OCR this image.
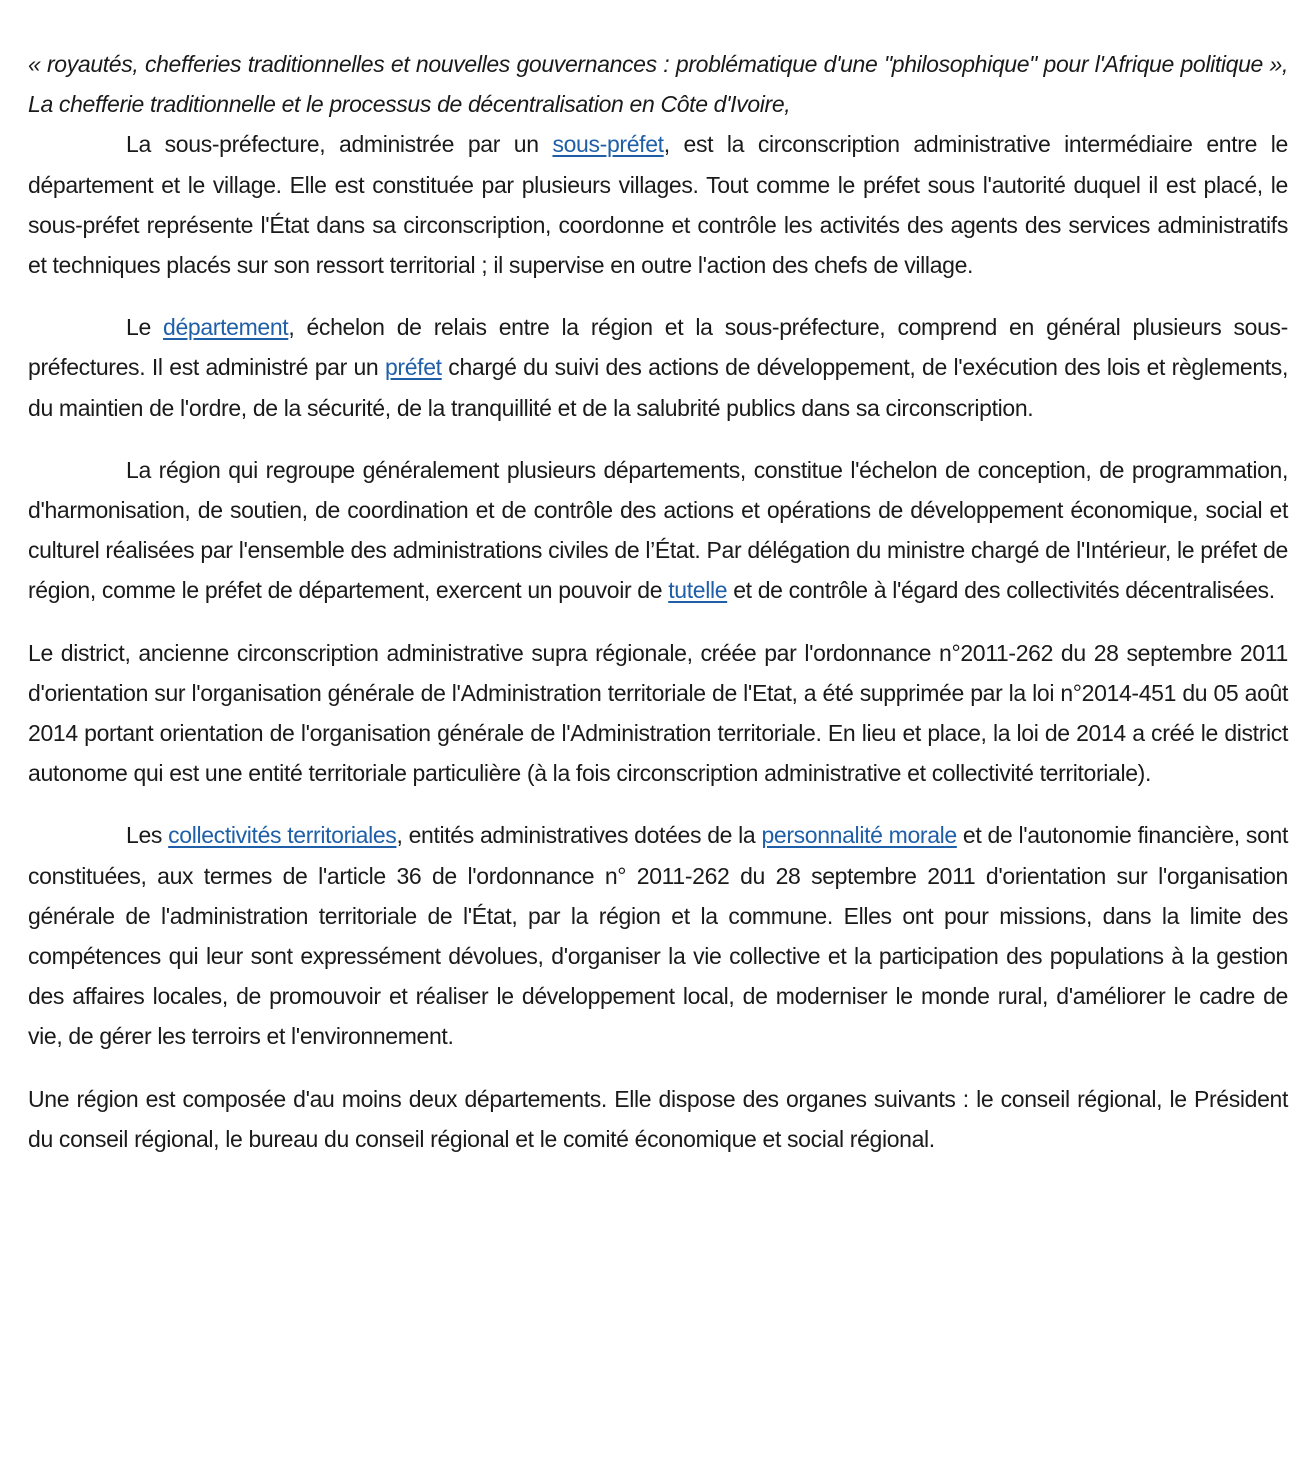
« royautés, chefferies traditionnelles et nouvelles gouvernances : problématique d'une "philosophique" pour l'Afrique politique », La chefferie traditionnelle et le processus de décentralisation en Côte d'Ivoire,

La sous-préfecture, administrée par un sous-préfet, est la circonscription administrative intermédiaire entre le département et le village. Elle est constituée par plusieurs villages. Tout comme le préfet sous l'autorité duquel il est placé, le sous-préfet représente l'État dans sa circonscription, coordonne et contrôle les activités des agents des services administratifs et techniques placés sur son ressort territorial ; il supervise en outre l'action des chefs de village.

Le département, échelon de relais entre la région et la sous-préfecture, comprend en général plusieurs sous-préfectures. Il est administré par un préfet chargé du suivi des actions de développement, de l'exécution des lois et règlements, du maintien de l'ordre, de la sécurité, de la tranquillité et de la salubrité publics dans sa circonscription.

La région qui regroupe généralement plusieurs départements, constitue l'échelon de conception, de programmation, d'harmonisation, de soutien, de coordination et de contrôle des actions et opérations de développement économique, social et culturel réalisées par l'ensemble des administrations civiles de l’État. Par délégation du ministre chargé de l'Intérieur, le préfet de région, comme le préfet de département, exercent un pouvoir de tutelle et de contrôle à l'égard des collectivités décentralisées.

Le district, ancienne circonscription administrative supra régionale, créée par l'ordonnance n°2011-262 du 28 septembre 2011 d'orientation sur l'organisation générale de l'Administration territoriale de l'Etat, a été supprimée par la loi n°2014-451 du 05 août 2014 portant orientation de l'organisation générale de l'Administration territoriale. En lieu et place, la loi de 2014 a créé le district autonome qui est une entité territoriale particulière (à la fois circonscription administrative et collectivité territoriale).

Les collectivités territoriales, entités administratives dotées de la personnalité morale et de l'autonomie financière, sont constituées, aux termes de l'article 36 de l'ordonnance n° 2011-262 du 28 septembre 2011 d'orientation sur l'organisation générale de l'administration territoriale de l'État, par la région et la commune. Elles ont pour missions, dans la limite des compétences qui leur sont expressément dévolues, d'organiser la vie collective et la participation des populations à la gestion des affaires locales, de promouvoir et réaliser le développement local, de moderniser le monde rural, d'améliorer le cadre de vie, de gérer les terroirs et l'environnement.

Une région est composée d'au moins deux départements. Elle dispose des organes suivants : le conseil régional, le Président du conseil régional, le bureau du conseil régional et le comité économique et social régional.
